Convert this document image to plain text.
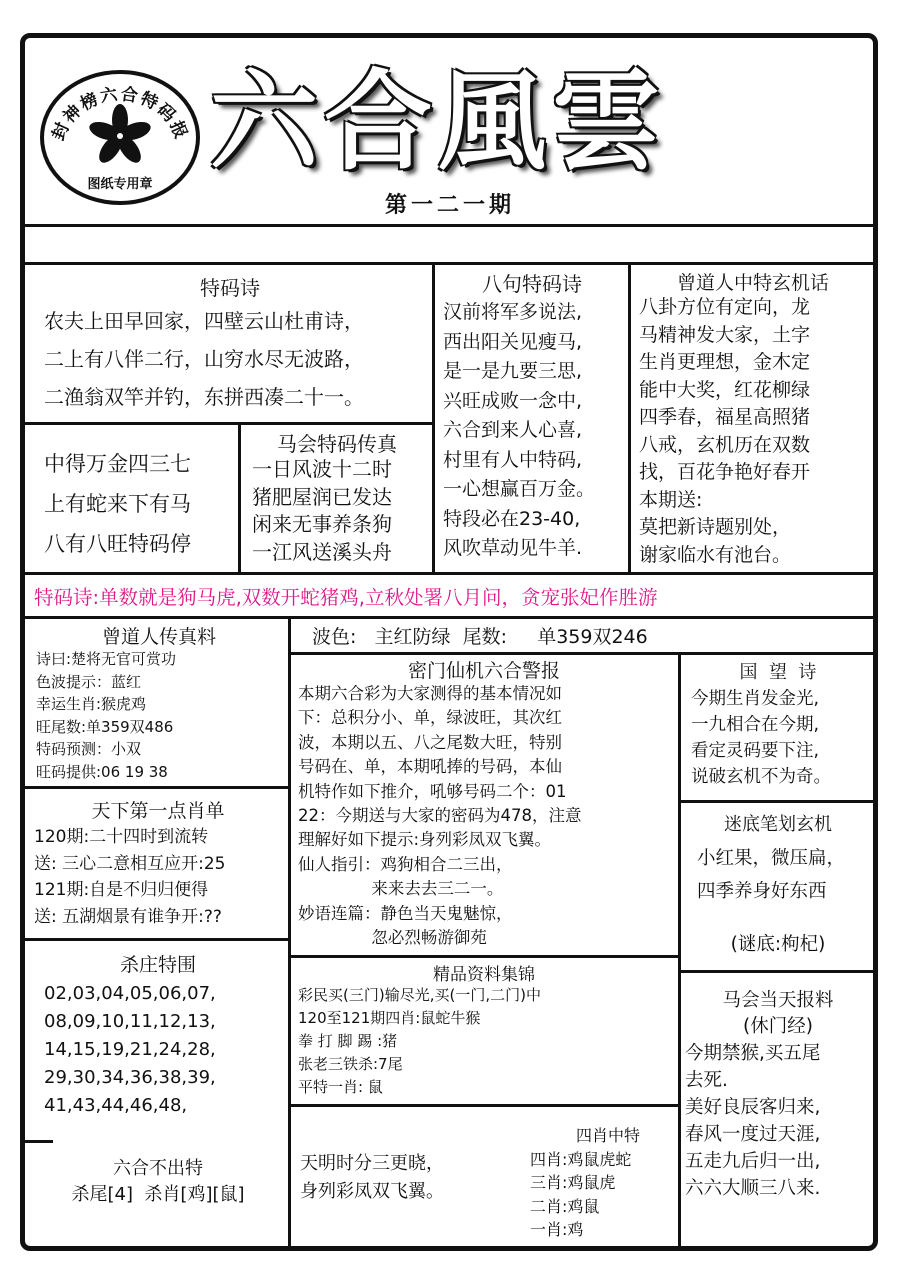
封神榜六合特码报
图纸专用章 六合風雲
第一二一期
特码诗
农夫上田早回家，四壁云山杜甫诗，
二上有八伴二行，山穷水尽无波路，
二渔翁双竿并钓，东拼西凑二十一。
八句特码诗
汉前将军多说法,
西出阳关见瘦马,
是一是九要三思,
兴旺成败一念中,
六合到来人心喜,
村里有人中特码,
一心想赢百万金。
特段必在23-40,
风吹草动见牛羊.
曾道人中特玄机话
八卦方位有定向，龙
马精神发大家，土字
生肖更理想，金木定
能中大奖，红花柳绿
四季春，福星高照猪
八戒，玄机历在双数
找，百花争艳好春开
本期送:
莫把新诗题别处，
谢家临水有池台。
中得万金四三七
上有蛇来下有马
八有八旺特码停
马会特码传真
一日风波十二时
猪肥屋润已发达
闲来无事养条狗
一江风送溪头舟
特码诗:单数就是狗马虎,双数开蛇猪鸡,立秋处署八月问，贪宠张妃作胜游
曾道人传真料
诗曰:楚将无官可赏功
色波提示：蓝红
幸运生肖:猴虎鸡
旺尾数:单359双486
特码预测：小双
旺码提供:06 19 38
波色:   主红防绿  尾数:     单359双246
密门仙机六合警报
本期六合彩为大家测得的基本情况如
下：总积分小、单，绿波旺，其次红
波，本期以五、八之尾数大旺，特别
号码在、单，本期吼捧的号码，本仙
机特作如下推介，吼够号码二个：01
22：今期送与大家的密码为478，注意
理解好如下提示:身列彩凤双飞翼。
仙人指引：鸡狗相合二三出，
来来去去三二一。
妙语连篇：静色当天鬼魅惊，
忽必烈畅游御苑
国  望  诗
今期生肖发金光,
一九相合在今期,
看定灵码要下注,
说破玄机不为奇。
迷底笔划玄机
小红果，微压扁，
四季养身好东西
(谜底:枸杞)
天下第一点肖单
120期:二十四时到流转
送: 三心二意相互应开:25
121期:自是不归归便得
送: 五湖烟景有谁争开:??
杀庄特围
02,03,04,05,06,07,
08,09,10,11,12,13,
14,15,19,21,24,28,
29,30,34,36,38,39,
41,43,44,46,48,
精品资料集锦
彩民买(三门)输尽光,买(一门,二门)中
120至121期四肖:鼠蛇牛猴
拳 打 脚 踢 :猪
张老三铁杀:7尾
平特一肖: 鼠
马会当天报料
(休门经)
今期禁猴,买五尾
去死.
美好良辰客归来,
春风一度过天涯,
五走九后归一出,
六六大顺三八来.
六合不出特
杀尾[4]  杀肖[鸡][鼠]
天明时分三更晓，
身列彩凤双飞翼。
四肖中特
四肖:鸡鼠虎蛇
三肖:鸡鼠虎
二肖:鸡鼠
一肖:鸡
